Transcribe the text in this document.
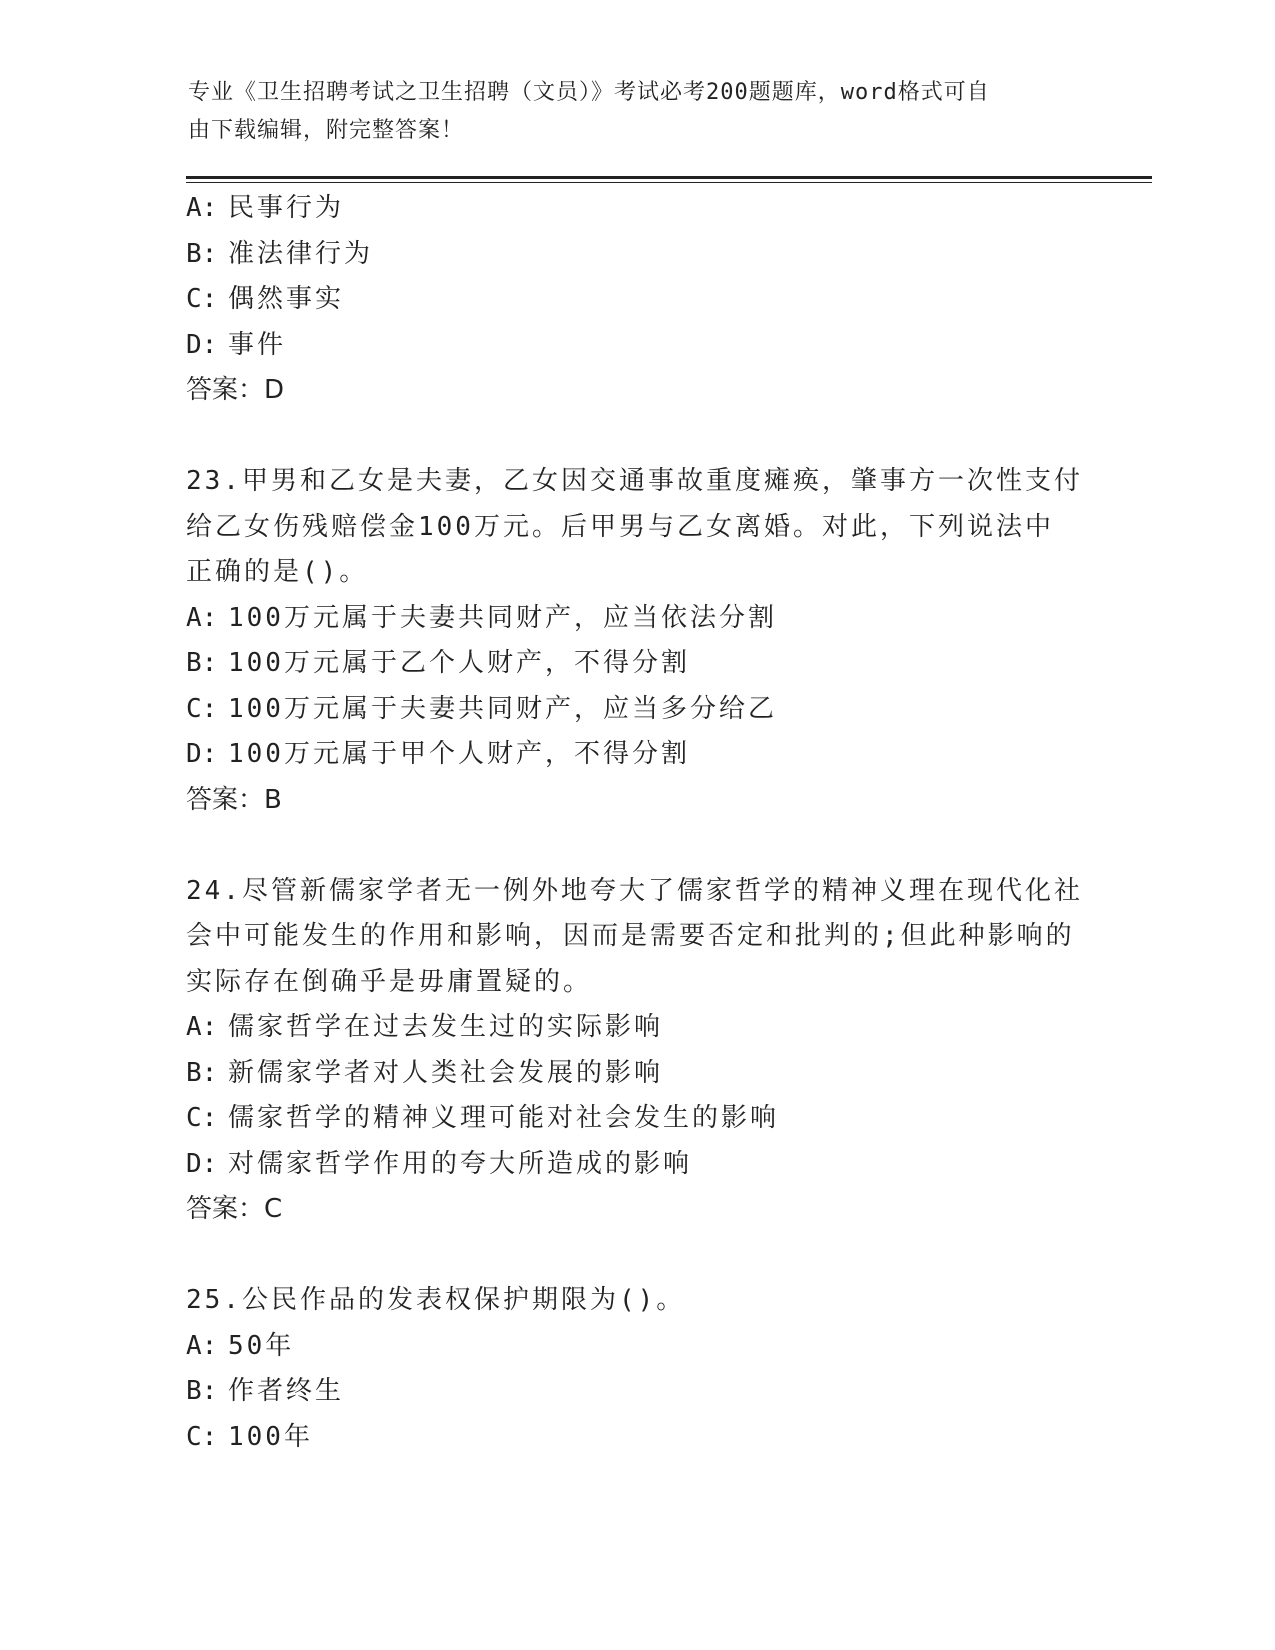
专业《卫生招聘考试之卫生招聘（文员）》考试必考200题题库，word格式可自
由下载编辑，附完整答案！
A: 民事行为
B: 准法律行为
C: 偶然事实
D: 事件
答案：D
23.甲男和乙女是夫妻，乙女因交通事故重度瘫痪，肇事方一次性支付
给乙女伤残赔偿金100万元。后甲男与乙女离婚。对此，下列说法中
正确的是()。
A: 100万元属于夫妻共同财产，应当依法分割
B: 100万元属于乙个人财产，不得分割
C: 100万元属于夫妻共同财产，应当多分给乙
D: 100万元属于甲个人财产，不得分割
答案：B
24.尽管新儒家学者无一例外地夸大了儒家哲学的精神义理在现代化社
会中可能发生的作用和影响，因而是需要否定和批判的;但此种影响的
实际存在倒确乎是毋庸置疑的。
A: 儒家哲学在过去发生过的实际影响
B: 新儒家学者对人类社会发展的影响
C: 儒家哲学的精神义理可能对社会发生的影响
D: 对儒家哲学作用的夸大所造成的影响
答案：C
25.公民作品的发表权保护期限为()。
A: 50年
B: 作者终生
C: 100年
